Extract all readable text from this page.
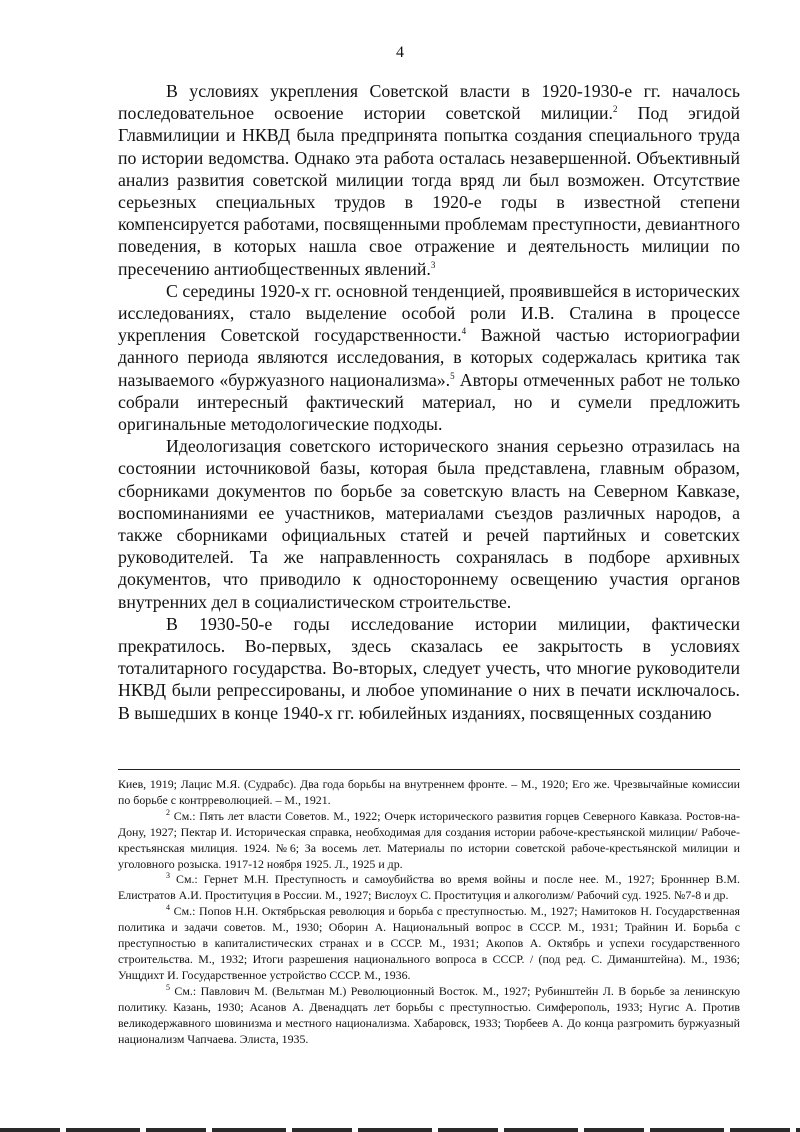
4

В условиях укрепления Советской власти в 1920-1930-е гг. началось последовательное освоение истории советской милиции.$^2$ Под эгидой Главмилиции и НКВД была предпринята попытка создания специального труда по истории ведомства. Однако эта работа осталась незавершенной. Объективный анализ развития советской милиции тогда вряд ли был возможен. Отсутствие серьезных специальных трудов в 1920-е годы в известной степени компенсируется работами, посвященными проблемам преступности, девиантного поведения, в которых нашла свое отражение и деятельность милиции по пресечению антиобщественных явлений.$^3$

С середины 1920-х гг. основной тенденцией, проявившейся в исторических исследованиях, стало выделение особой роли И.В. Сталина в процессе укрепления Советской государственности.$^4$ Важной частью историографии данного периода являются исследования, в которых содержалась критика так называемого «буржуазного национализма».$^5$ Авторы отмеченных работ не только собрали интересный фактический материал, но и сумели предложить оригинальные методологические подходы.

Идеологизация советского исторического знания серьезно отразилась на состоянии источниковой базы, которая была представлена, главным образом, сборниками документов по борьбе за советскую власть на Северном Кавказе, воспоминаниями ее участников, материалами съездов различных народов, а также сборниками официальных статей и речей партийных и советских руководителей. Та же направленность сохранялась в подборе архивных документов, что приводило к одностороннему освещению участия органов внутренних дел в социалистическом строительстве.

В 1930-50-е годы исследование истории милиции, фактически прекратилось. Во-первых, здесь сказалась ее закрытость в условиях тоталитарного государства. Во-вторых, следует учесть, что многие руководители НКВД были репрессированы, и любое упоминание о них в печати исключалось. В вышедших в конце 1940-х гг. юбилейных изданиях, посвященных созданию

Киев, 1919; Лацис М.Я. (Судрабс). Два года борьбы на внутреннем фронте. – М., 1920; Его же. Чрезвычайные комиссии по борьбе с контрреволюцией. – М., 1921.

$^2$ См.: Пять лет власти Советов. М., 1922; Очерк исторического развития горцев Северного Кавказа. Ростов-на-Дону, 1927; Пектар И. Историческая справка, необходимая для создания истории рабоче-крестьянской милиции/ Рабоче-крестьянская милиция. 1924. №6; За восемь лет. Материалы по истории советской рабоче-крестьянской милиции и уголовного розыска. 1917-12 ноября 1925. Л., 1925 и др.

$^3$ См.: Гернет М.Н. Преступность и самоубийства во время войны и после нее. М., 1927; Бронннер В.М. Елистратов А.И. Проституция в России. М., 1927; Вислоух С. Проституция и алкоголизм/ Рабочий суд. 1925. №7-8 и др.

$^4$ См.: Попов Н.Н. Октябрьская революция и борьба с преступностью. М., 1927; Намитоков Н. Государственная политика и задачи советов. М., 1930; Оборин А. Национальный вопрос в СССР. М., 1931; Трайнин И. Борьба с преступностью в капиталистических странах и в СССР. М., 1931; Акопов А. Октябрь и успехи государственного строительства. М., 1932; Итоги разрешения национального вопроса в СССР. / (под ред. С. Диманштейна). М., 1936; Унщдихт И. Государственное устройство СССР. М., 1936.

$^5$ См.: Павлович М. (Вельтман М.) Революционный Восток. М., 1927; Рубинштейн Л. В борьбе за ленинскую политику. Казань, 1930; Асанов А. Двенадцать лет борьбы с преступностью. Симферополь, 1933; Нугис А. Против великодержавного шовинизма и местного национализма. Хабаровск, 1933; Тюрбеев А. До конца разгромить буржуазный национализм Чапчаева. Элиста, 1935.
